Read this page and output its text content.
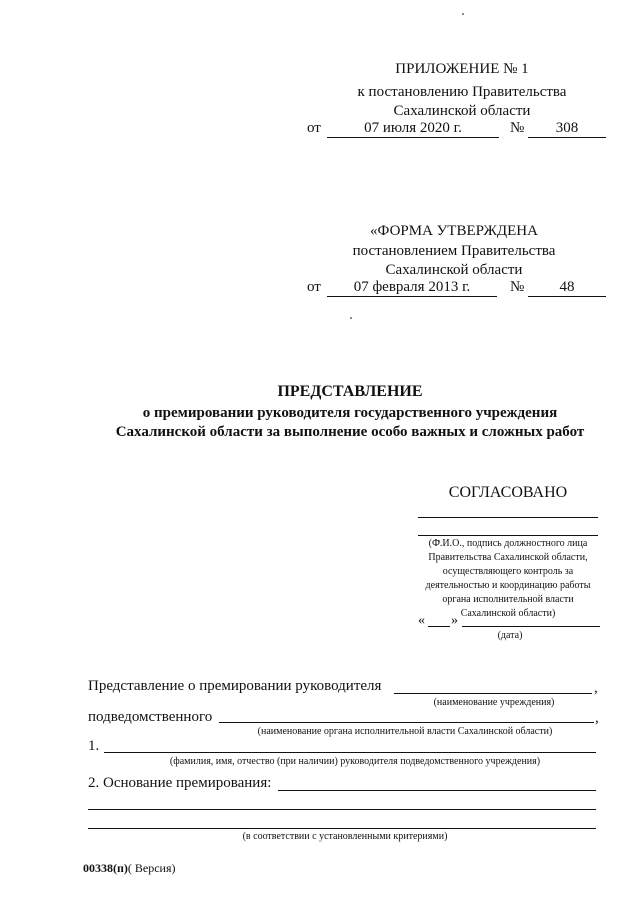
ПРИЛОЖЕНИЕ № 1
к постановлению Правительства
Сахалинской области
от	07 июля 2020 г.	№	308
«ФОРМА УТВЕРЖДЕНА
постановлением Правительства
Сахалинской области
от	07 февраля 2013 г.	№	48
ПРЕДСТАВЛЕНИЕ
о премировании руководителя государственного учреждения
Сахалинской области за выполнение особо важных и сложных работ
СОГЛАСОВАНО
(Ф.И.О., подпись должностного лица
Правительства Сахалинской области,
осуществляющего контроль за
деятельностью и координацию работы
органа исполнительной власти
Сахалинской области)
« »
(дата)
Представление о премировании руководителя	,
(наименование учреждения)
подведомственного	,
(наименование органа исполнительной власти Сахалинской области)
1.
(фамилия, имя, отчество (при наличии) руководителя подведомственного учреждения)
2. Основание премирования:
(в соответствии с установленными критериями)
00338(п)( Версия)
